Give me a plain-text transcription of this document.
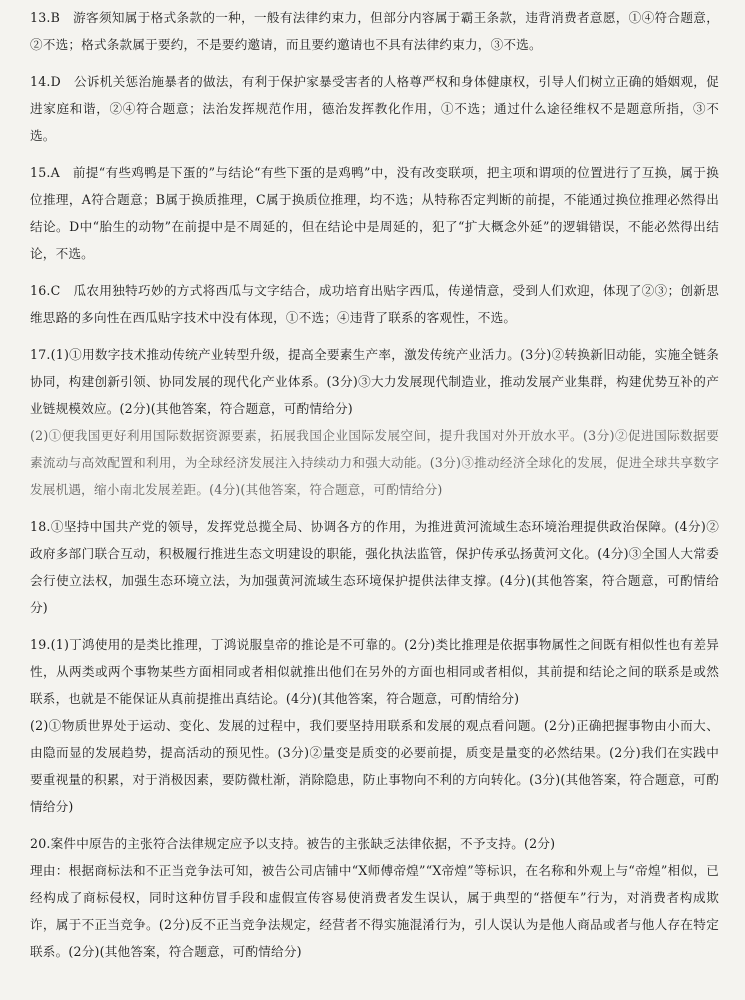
13.B　游客须知属于格式条款的一种，一般有法律约束力，但部分内容属于霸王条款，违背消费者意愿，①④符合题意，②不选；格式条款属于要约，不是要约邀请，而且要约邀请也不具有法律约束力，③不选。

14.D　公诉机关惩治施暴者的做法，有利于保护家暴受害者的人格尊严权和身体健康权，引导人们树立正确的婚姻观，促进家庭和谐，②④符合题意；法治发挥规范作用，德治发挥教化作用，①不选；通过什么途径维权不是题意所指，③不选。

15.A　前提“有些鸡鸭是下蛋的”与结论“有些下蛋的是鸡鸭”中，没有改变联项，把主项和谓项的位置进行了互换，属于换位推理，A符合题意；B属于换质推理，C属于换质位推理，均不选；从特称否定判断的前提，不能通过换位推理必然得出结论。D中“胎生的动物”在前提中是不周延的，但在结论中是周延的，犯了“扩大概念外延”的逻辑错误，不能必然得出结论，不选。

16.C　瓜农用独特巧妙的方式将西瓜与文字结合，成功培育出贴字西瓜，传递情意，受到人们欢迎，体现了②③；创新思维思路的多向性在西瓜贴字技术中没有体现，①不选；④违背了联系的客观性，不选。

17.(1)①用数字技术推动传统产业转型升级，提高全要素生产率，激发传统产业活力。(3分)②转换新旧动能，实施全链条协同，构建创新引领、协同发展的现代化产业体系。(3分)③大力发展现代制造业，推动发展产业集群，构建优势互补的产业链规模效应。(2分)(其他答案，符合题意，可酌情给分)

(2)①便我国更好利用国际数据资源要素，拓展我国企业国际发展空间，提升我国对外开放水平。(3分)②促进国际数据要素流动与高效配置和利用，为全球经济发展注入持续动力和强大动能。(3分)③推动经济全球化的发展，促进全球共享数字发展机遇，缩小南北发展差距。(4分)(其他答案，符合题意，可酌情给分)

18.①坚持中国共产党的领导，发挥党总揽全局、协调各方的作用，为推进黄河流域生态环境治理提供政治保障。(4分)②政府多部门联合互动，积极履行推进生态文明建设的职能，强化执法监管，保护传承弘扬黄河文化。(4分)③全国人大常委会行使立法权，加强生态环境立法，为加强黄河流域生态环境保护提供法律支撑。(4分)(其他答案，符合题意，可酌情给分)

19.(1)丁鸿使用的是类比推理，丁鸿说服皇帝的推论是不可靠的。(2分)类比推理是依据事物属性之间既有相似性也有差异性，从两类或两个事物某些方面相同或者相似就推出他们在另外的方面也相同或者相似，其前提和结论之间的联系是或然联系，也就是不能保证从真前提推出真结论。(4分)(其他答案，符合题意，可酌情给分)

(2)①物质世界处于运动、变化、发展的过程中，我们要坚持用联系和发展的观点看问题。(2分)正确把握事物由小而大、由隐而显的发展趋势，提高活动的预见性。(3分)②量变是质变的必要前提，质变是量变的必然结果。(2分)我们在实践中要重视量的积累，对于消极因素，要防微杜渐，消除隐患，防止事物向不利的方向转化。(3分)(其他答案，符合题意，可酌情给分)

20.案件中原告的主张符合法律规定应予以支持。被告的主张缺乏法律依据，不予支持。(2分)

理由：根据商标法和不正当竞争法可知，被告公司店铺中“X师傅帝煌”“X帝煌”等标识，在名称和外观上与“帝煌”相似，已经构成了商标侵权，同时这种仿冒手段和虚假宣传容易使消费者发生误认，属于典型的“搭便车”行为，对消费者构成欺诈，属于不正当竞争。(2分)反不正当竞争法规定，经营者不得实施混淆行为，引人误认为是他人商品或者与他人存在特定联系。(2分)(其他答案，符合题意，可酌情给分)
